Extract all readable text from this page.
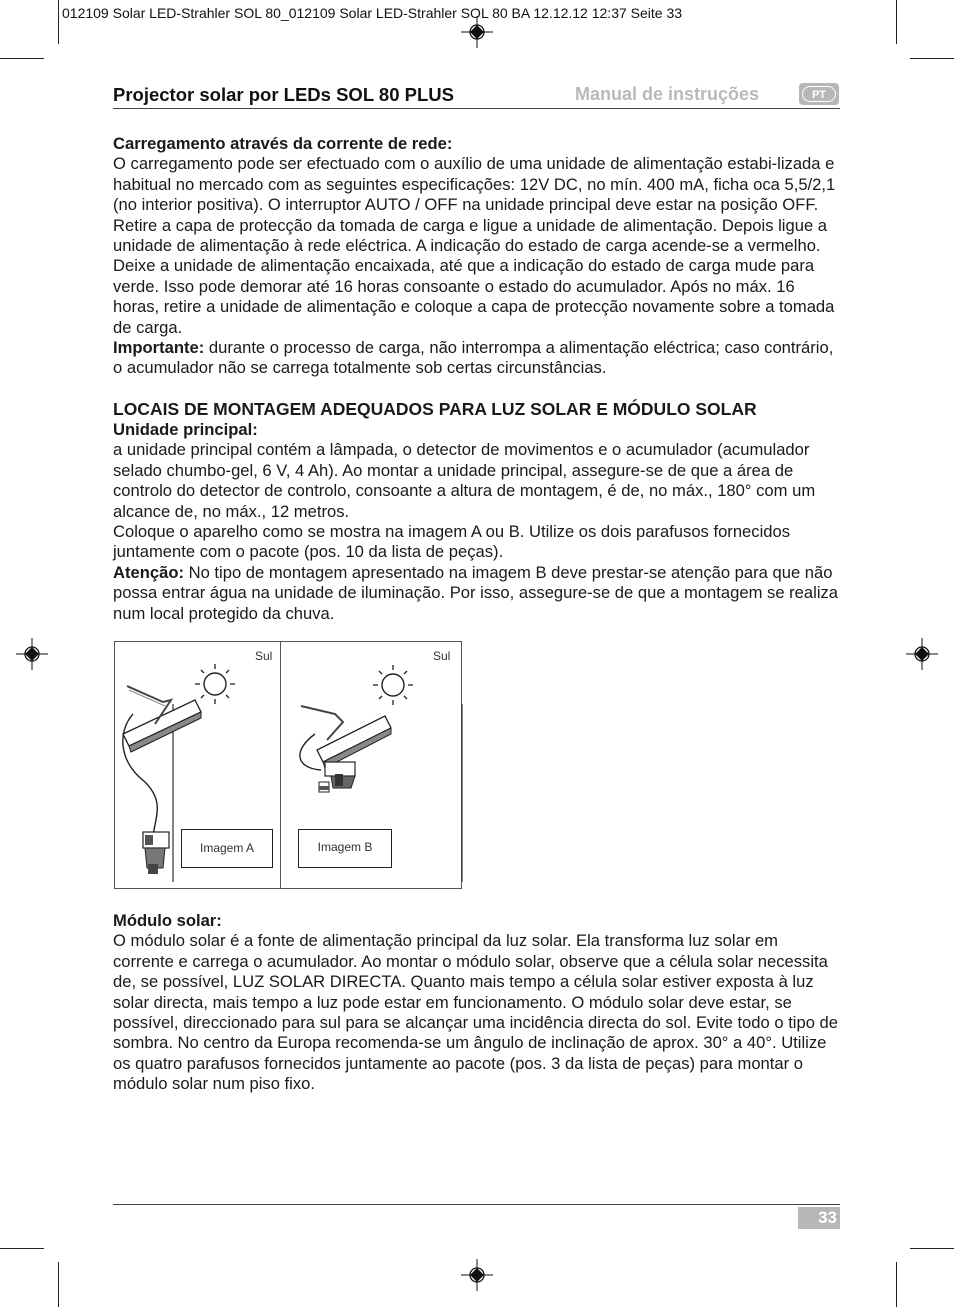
012109 Solar LED-Strahler SOL 80_012109 Solar LED-Strahler SOL 80 BA 12.12.12 12:37 Seite 33
Projector solar por LEDs SOL 80 PLUS	Manual de instruções	PT

Carregamento através da corrente de rede:

O carregamento pode ser efectuado com o auxílio de uma unidade de alimentação estabi-lizada e habitual no mercado com as seguintes especificações: 12V DC, no mín. 400 mA, ficha oca 5,5/2,1 (no interior positiva). O interruptor AUTO / OFF na unidade principal deve estar na posição OFF. Retire a capa de protecção da tomada de carga e ligue a unidade de alimentação. Depois ligue a unidade de alimentação à rede eléctrica. A indicação do estado de carga acende-se a vermelho. Deixe a unidade de alimentação encaixada, até que a indicação do estado de carga mude para verde. Isso pode demorar até 16 horas consoante o estado do acumulador. Após no máx. 16 horas, retire a unidade de alimentação e coloque a capa de protecção novamente sobre a tomada de carga.

Importante: durante o processo de carga, não interrompa a alimentação eléctrica; caso contrário, o acumulador não se carrega totalmente sob certas circunstâncias.

LOCAIS DE MONTAGEM ADEQUADOS PARA LUZ SOLAR E MÓDULO SOLAR

Unidade principal:

a unidade principal contém a lâmpada, o detector de movimentos e o acumulador (acumulador selado chumbo-gel, 6 V, 4 Ah). Ao montar a unidade principal, assegure-se de que a área de controlo do detector de controlo, consoante a altura de montagem, é de, no máx., 180° com um alcance de, no máx., 12 metros.

Coloque o aparelho como se mostra na imagem A ou B. Utilize os dois parafusos fornecidos juntamente com o pacote (pos. 10 da lista de peças).

Atenção: No tipo de montagem apresentado na imagem B deve prestar-se atenção para que não possa entrar água na unidade de iluminação. Por isso, assegure-se de que a montagem se realiza num local protegido da chuva.

Sul	Sul
Imagem A	Imagem B

Módulo solar:

O módulo solar é a fonte de alimentação principal da luz solar. Ela transforma luz solar em corrente e carrega o acumulador. Ao montar o módulo solar, observe que a célula solar necessita de, se possível, LUZ SOLAR DIRECTA. Quanto mais tempo a célula solar estiver exposta à luz solar directa, mais tempo a luz pode estar em funcionamento. O módulo solar deve estar, se possível, direccionado para sul para se alcançar uma incidência directa do sol. Evite todo o tipo de sombra. No centro da Europa recomenda-se um ângulo de inclinação de aprox. 30° a 40°. Utilize os quatro parafusos fornecidos juntamente ao pacote (pos. 3 da lista de peças) para montar o módulo solar num piso fixo.

33
